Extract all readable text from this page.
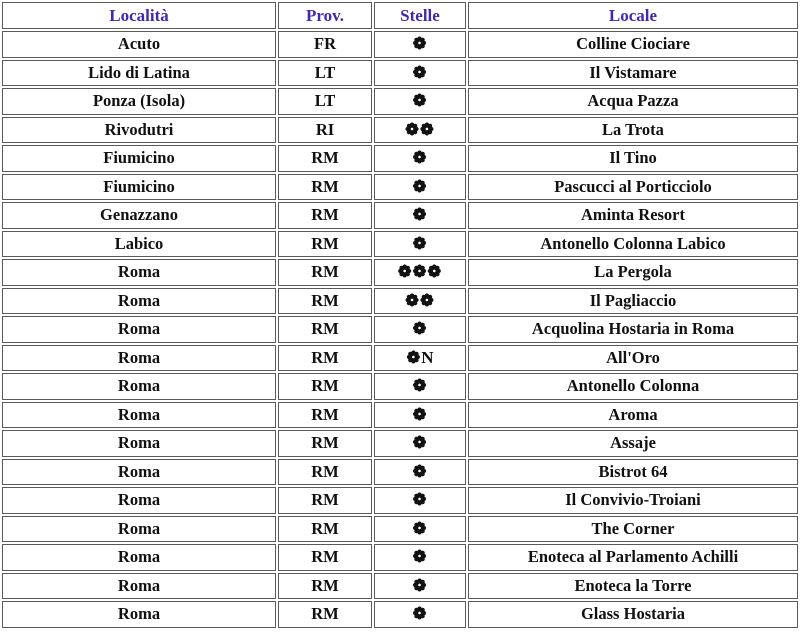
Località	Prov.	Stelle	Locale
Acuto	FR	❁	Colline Ciociare
Lido di Latina	LT	❁	Il Vistamare
Ponza (Isola)	LT	❁	Acqua Pazza
Rivodutri	RI	❁❁	La Trota
Fiumicino	RM	❁	Il Tino
Fiumicino	RM	❁	Pascucci al Porticciolo
Genazzano	RM	❁	Aminta Resort
Labico	RM	❁	Antonello Colonna Labico
Roma	RM	❁❁❁	La Pergola
Roma	RM	❁❁	Il Pagliaccio
Roma	RM	❁	Acquolina Hostaria in Roma
Roma	RM	❁N	All'Oro
Roma	RM	❁	Antonello Colonna
Roma	RM	❁	Aroma
Roma	RM	❁	Assaje
Roma	RM	❁	Bistrot 64
Roma	RM	❁	Il Convivio-Troiani
Roma	RM	❁	The Corner
Roma	RM	❁	Enoteca al Parlamento Achilli
Roma	RM	❁	Enoteca la Torre
Roma	RM	❁	Glass Hostaria
